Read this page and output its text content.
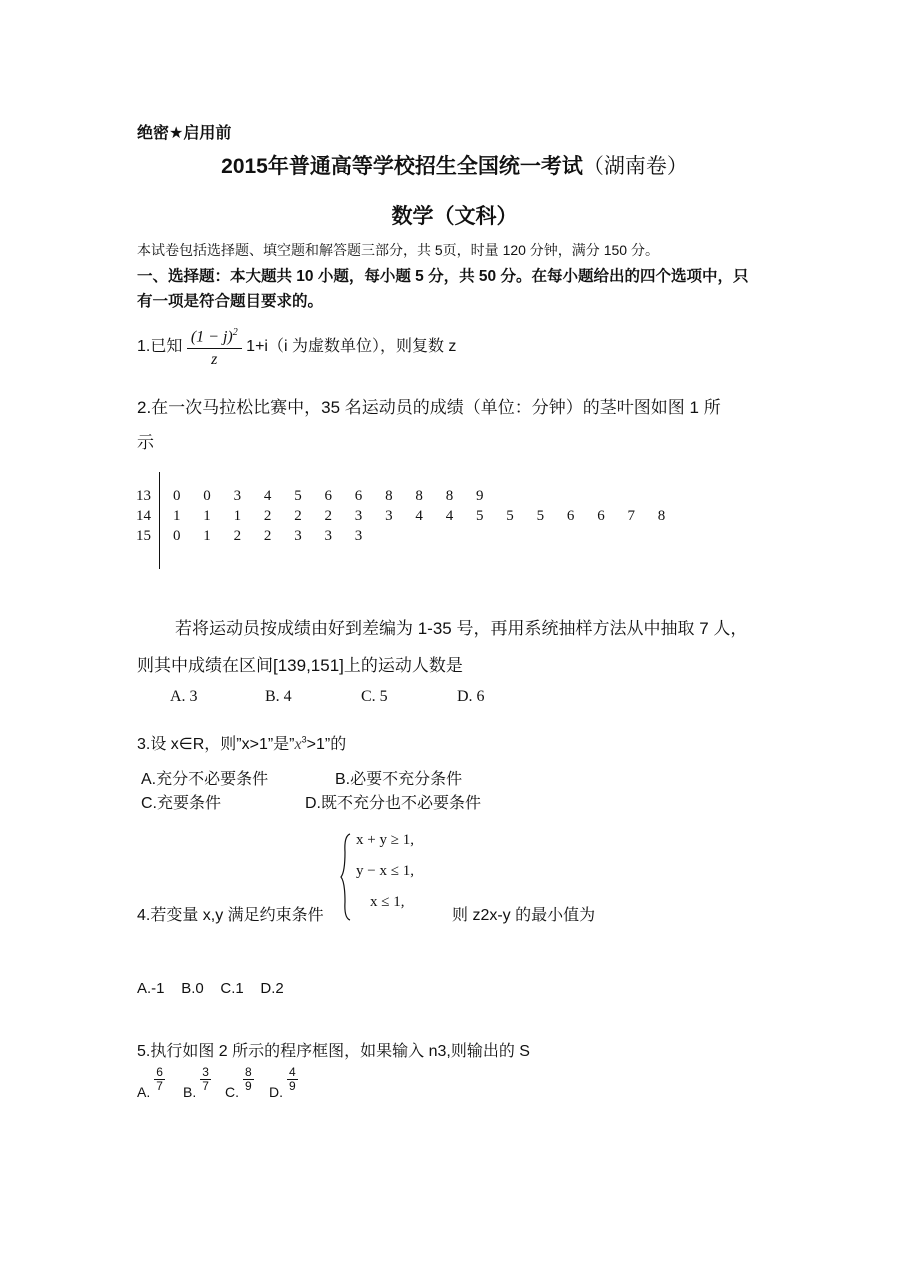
绝密★启用前
2015年普通高等学校招生全国统一考试（湖南卷）
数学（文科）
本试卷包括选择题、填空题和解答题三部分，共 5页，时量 120 分钟，满分 150 分。
一、选择题：本大题共 10 小题，每小题 5 分，共 50 分。在每小题给出的四个选项中，只
有一项是符合题目要求的。
1.已知 $\frac{(1 - j)^2}{z} 1+i(i$ 为虚数单位），则复数 z
2.在一次马拉松比赛中，35 名运动员的成绩（单位：分钟）的茎叶图如图 1 所
示
13 0 0 3 4 5 6 6 8 8 8 9
14 1 1 1 2 2 2 3 3 4 4 5 5 5 6 6 7 8
15 0 1 2 2 3 3 3
若将运动员按成绩由好到差编为 1-35 号，再用系统抽样方法从中抽取 7 人，
则其中成绩在区间[139,151]上的运动人数是
A. 3	B. 4	C. 5	D. 6
3.设 x∈R，则”x>1”是$”x^3>1$”的
A.充分不必要条件	B.必要不充分条件
C.充要条件	D.既不充分也不必要条件
4.若变量 x,y 满足约束条件
x + y ≥ 1,
y − x ≤ 1,
x ≤ 1,
则 z2x-y 的最小值为
A.-1 B.0 C.1 D.2
5.执行如图 2 所示的程序框图，如果输入 n3,则输出的 S
A. $\frac{6}{7} B$. $\frac{3}{7} C$. $\frac{8}{9} D$. $\frac{4}{9}$
